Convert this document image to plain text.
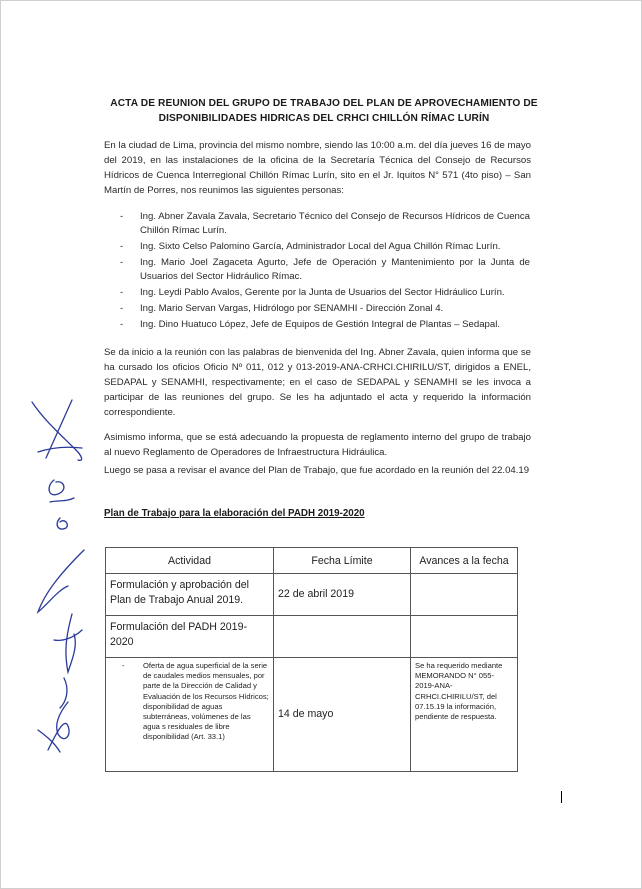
ACTA DE REUNION DEL GRUPO DE TRABAJO DEL PLAN DE APROVECHAMIENTO DE
DISPONIBILIDADES HIDRICAS DEL CRHCI CHILLÓN RÍMAC LURÍN

En la ciudad de Lima, provincia del mismo nombre, siendo las 10:00 a.m. del día jueves 16 de mayo del 2019, en las instalaciones de la oficina de la Secretaría Técnica del Consejo de Recursos Hídricos de Cuenca Interregional Chillón Rímac Lurín, sito en el Jr. Iquitos N° 571 (4to piso) – San Martín de Porres, nos reunimos las siguientes personas:

- Ing. Abner Zavala Zavala, Secretario Técnico del Consejo de Recursos Hídricos de Cuenca Chillón Rímac Lurín.
- Ing. Sixto Celso Palomino García, Administrador Local del Agua Chillón Rímac Lurín.
- Ing. Mario Joel Zagaceta Agurto, Jefe de Operación y Mantenimiento por la Junta de Usuarios del Sector Hidráulico Rímac.
- Ing. Leydi Pablo Avalos, Gerente por la Junta de Usuarios del Sector Hidráulico Lurín.
- Ing. Mario Servan Vargas, Hidrólogo por SENAMHI - Dirección Zonal 4.
- Ing. Dino Huatuco López, Jefe de Equipos de Gestión Integral de Plantas – Sedapal.

Se da inicio a la reunión con las palabras de bienvenida del Ing. Abner Zavala, quien informa que se ha cursado los oficios Oficio Nº 011, 012 y 013-2019-ANA-CRHCI.CHIRILU/ST, dirigidos a ENEL, SEDAPAL y SENAMHI, respectivamente; en el caso de SEDAPAL y SENAMHI se les invoca a participar de las reuniones del grupo. Se les ha adjuntado el acta y requerido la información correspondiente.

Asimismo informa, que se está adecuando la propuesta de reglamento interno del grupo de trabajo al nuevo Reglamento de Operadores de Infraestructura Hidráulica.

Luego se pasa a revisar el avance del Plan de Trabajo, que fue acordado en la reunión del 22.04.19

Plan de Trabajo para la elaboración del PADH 2019-2020
Actividad	Fecha Límite	Avances a la fecha
Formulación y aprobación del Plan de Trabajo Anual 2019.	22 de abril 2019	
Formulación del PADH 2019-2020		

- Oferta de agua superficial de la serie de caudales medios mensuales, por parte de la Dirección de Calidad y Evaluación de los Recursos Hídricos; disponibilidad de aguas subterráneas, volúmenes de las agua s residuales de libre disponibilidad (Art. 33.1)	14 de mayo	Se ha requerido mediante MEMORANDO N° 055-2019-ANA-CRHCI.CHIRILU/ST, del 07.15.19 la información, pendiente de respuesta.
